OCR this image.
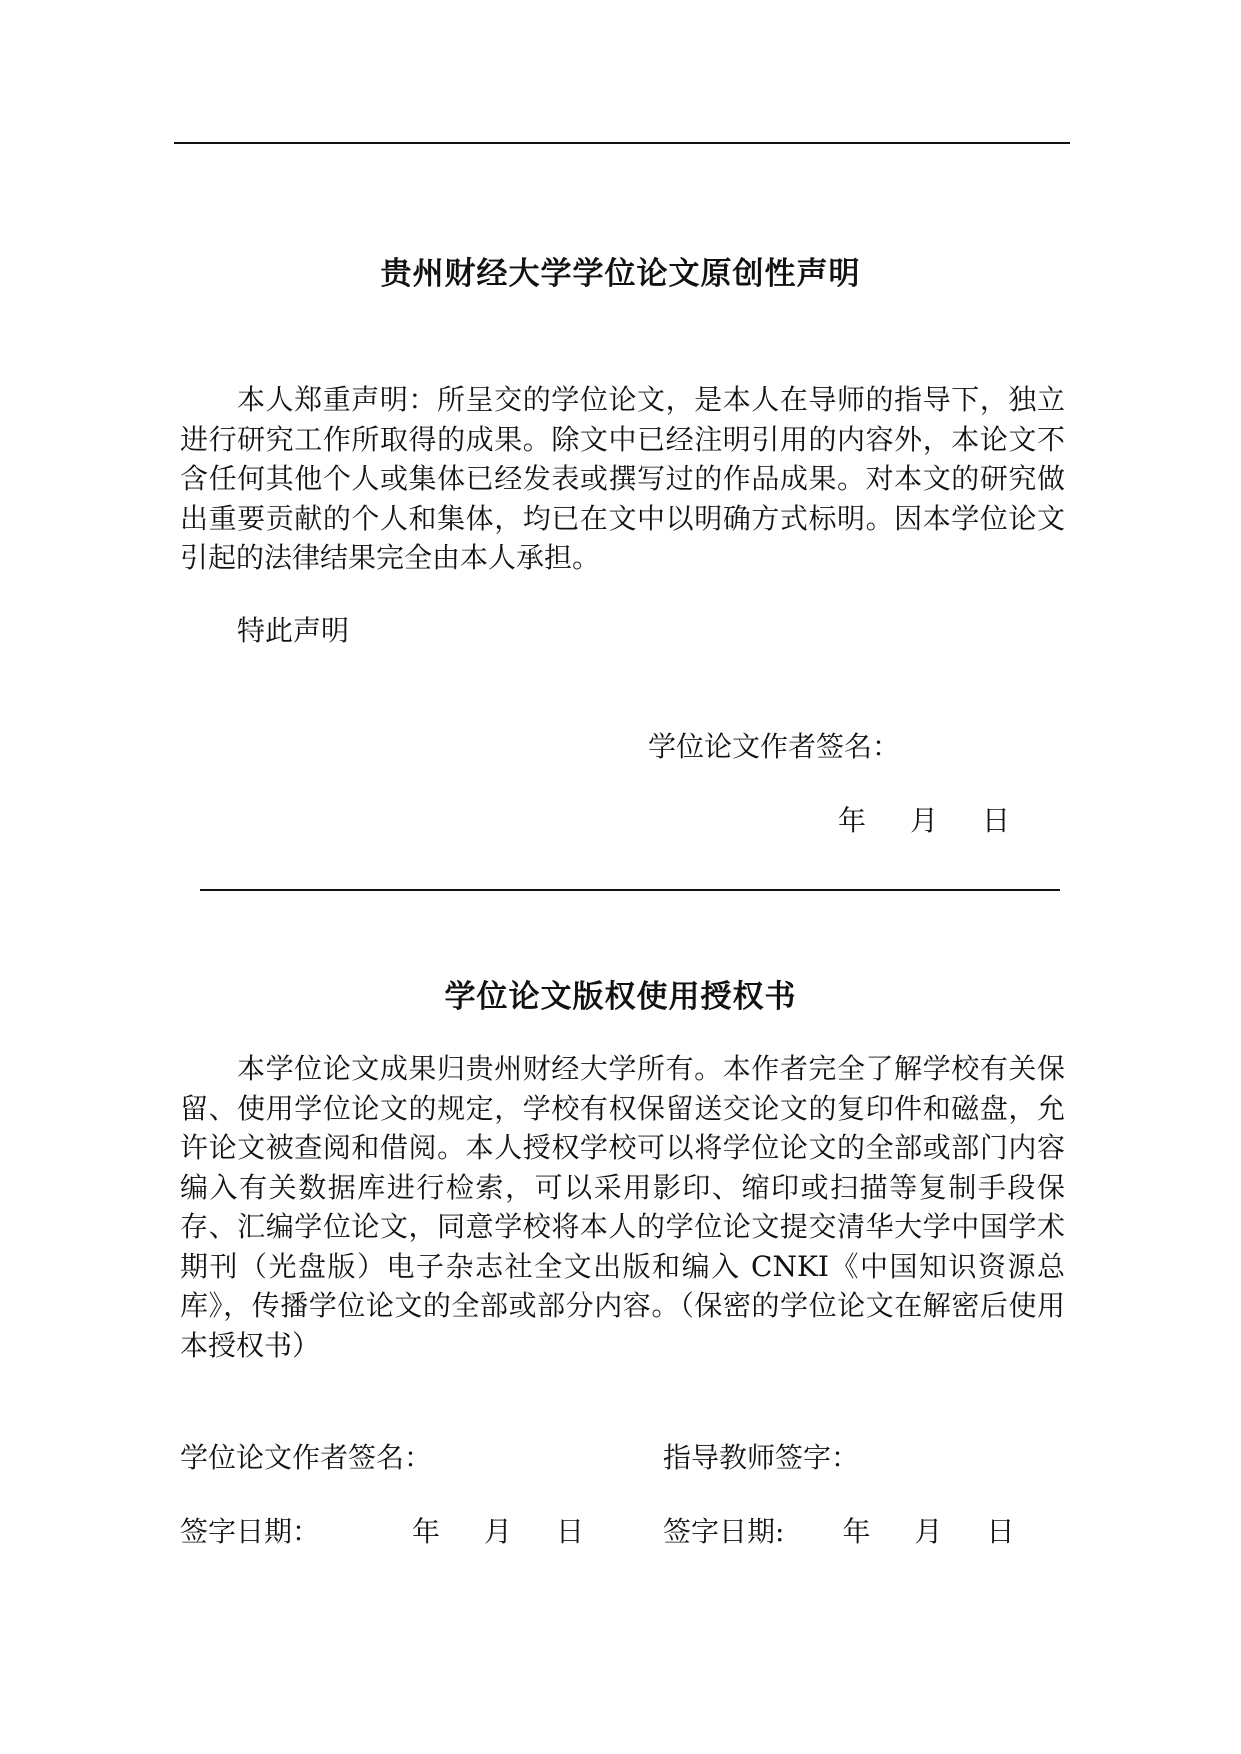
贵州财经大学学位论文原创性声明

本人郑重声明：所呈交的学位论文，是本人在导师的指导下，独立进行研究工作所取得的成果。除文中已经注明引用的内容外，本论文不含任何其他个人或集体已经发表或撰写过的作品成果。对本文的研究做出重要贡献的个人和集体，均已在文中以明确方式标明。因本学位论文引起的法律结果完全由本人承担。

特此声明
学位论文作者签名：
年 月 日
学位论文版权使用授权书

本学位论文成果归贵州财经大学所有。本作者完全了解学校有关保留、使用学位论文的规定，学校有权保留送交论文的复印件和磁盘，允许论文被查阅和借阅。本人授权学校可以将学位论文的全部或部门内容编入有关数据库进行检索，可以采用影印、缩印或扫描等复制手段保存、汇编学位论文，同意学校将本人的学位论文提交清华大学中国学术期刊（光盘版）电子杂志社全文出版和编入 CNKI《中国知识资源总库》，传播学位论文的全部或部分内容。（保密的学位论文在解密后使用本授权书）

学位论文作者签名：	指导教师签字：
签字日期：	年 月 日	签字日期: 年 月 日
